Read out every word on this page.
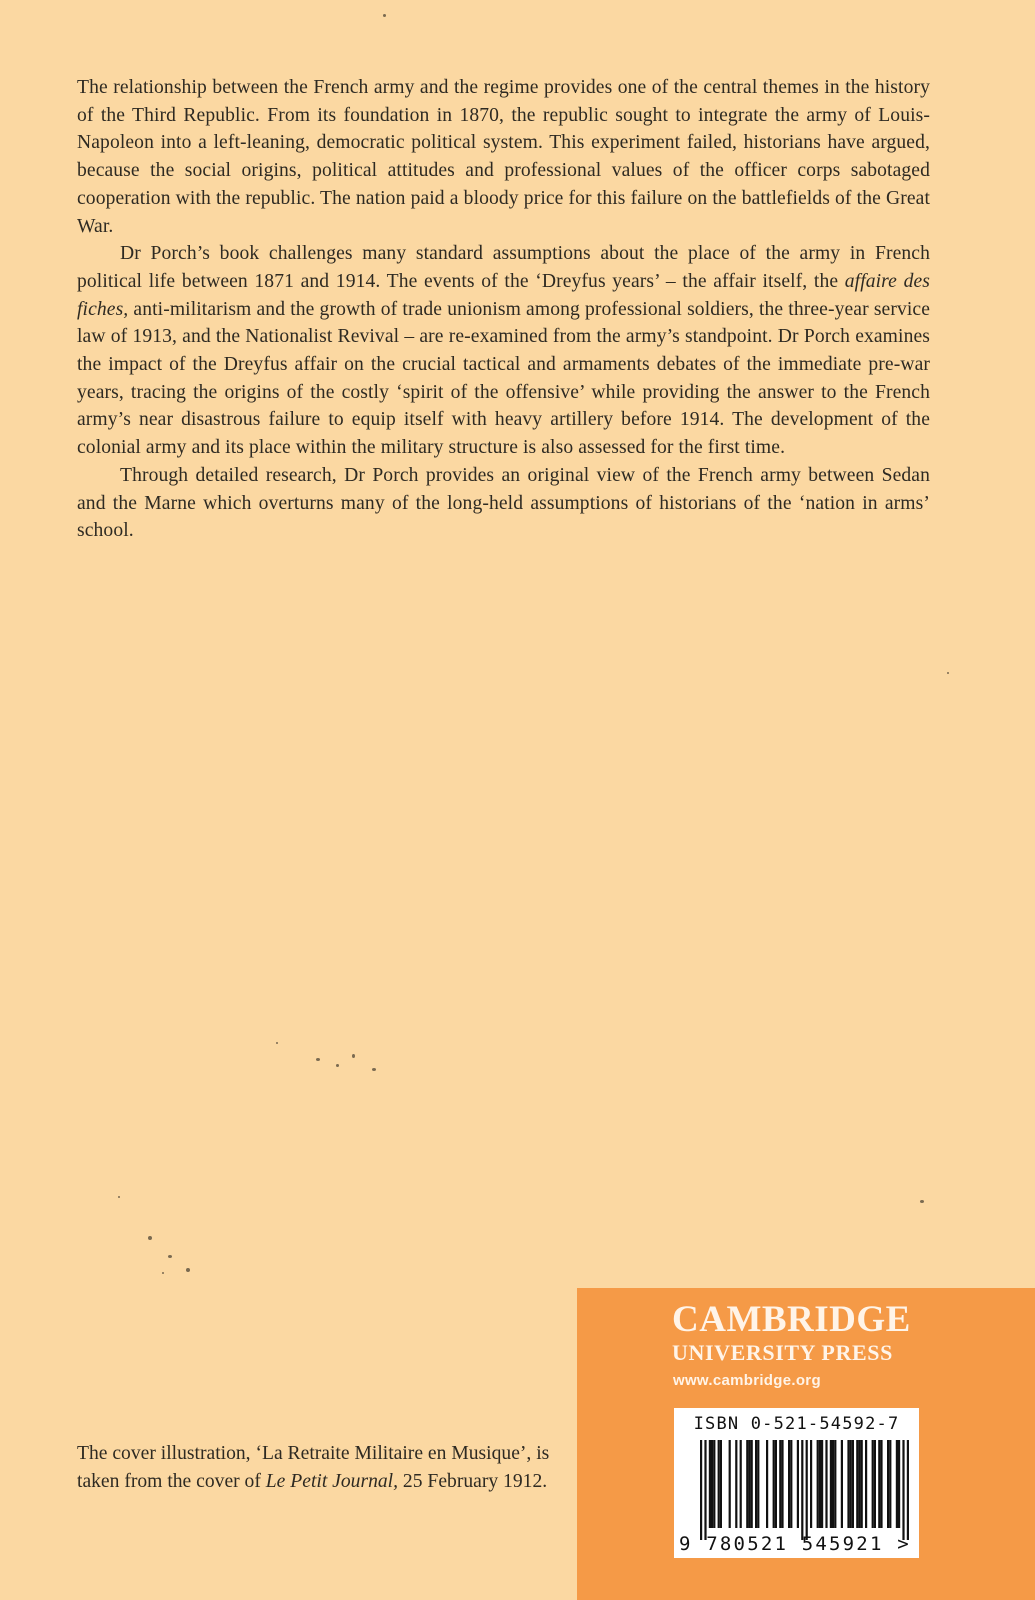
The relationship between the French army and the regime provides one of the central themes in the history of the Third Republic. From its foundation in 1870, the republic sought to integrate the army of Louis-Napoleon into a left-leaning, democratic political system. This experiment failed, historians have argued, because the social origins, political attitudes and professional values of the officer corps sabotaged cooperation with the republic. The nation paid a bloody price for this failure on the battlefields of the Great War.

Dr Porch’s book challenges many standard assumptions about the place of the army in French political life between 1871 and 1914. The events of the ‘Dreyfus years’ – the affair itself, the affaire des fiches, anti-militarism and the growth of trade unionism among professional soldiers, the three-year service law of 1913, and the Nationalist Revival – are re-examined from the army’s standpoint. Dr Porch examines the impact of the Dreyfus affair on the crucial tactical and armaments debates of the immediate pre-war years, tracing the origins of the costly ‘spirit of the offensive’ while providing the answer to the French army’s near disastrous failure to equip itself with heavy artillery before 1914. The development of the colonial army and its place within the military structure is also assessed for the first time.

Through detailed research, Dr Porch provides an original view of the French army between Sedan and the Marne which overturns many of the long-held assumptions of historians of the ‘nation in arms’ school.

The cover illustration, ‘La Retraite Militaire en Musique’, is taken from the cover of Le Petit Journal, 25 February 1912.
CAMBRIDGE
UNIVERSITY PRESS
www.cambridge.org
ISBN 0-521-54592-7
9 780521 545921 >
